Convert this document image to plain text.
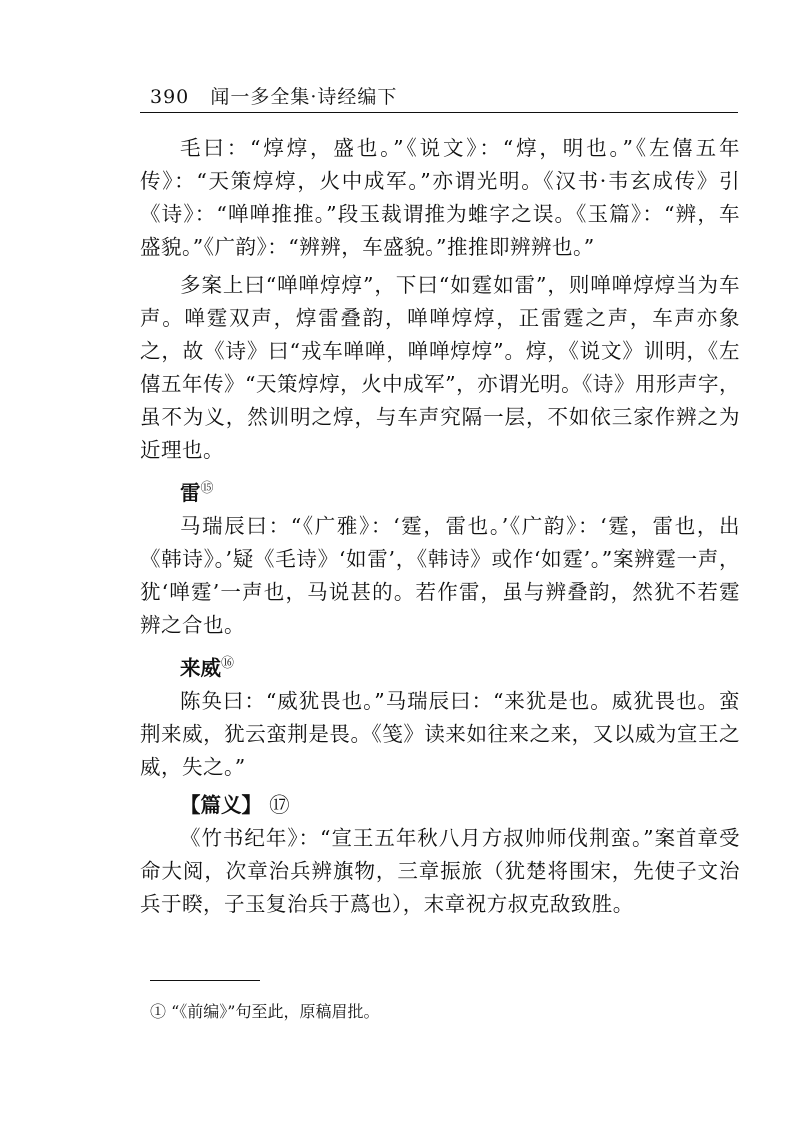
390 闻一多全集·诗经编下

毛曰：“焞焞，盛也。”《说文》：“焞，明也。”《左僖五年传》：“天策焞焞，火中成军。”亦谓光明。《汉书·韦玄成传》引《诗》：“啴啴推推。”段玉裁谓推为蜼字之误。《玉篇》：“辨，车盛貌。”《广韵》：“辨辨，车盛貌。”推推即辨辨也。”

多案上曰“啴啴焞焞”，下曰“如霆如雷”，则啴啴焞焞当为车声。啴霆双声，焞雷叠韵，啴啴焞焞，正雷霆之声，车声亦象之，故《诗》曰“戎车啴啴，啴啴焞焞”。焞，《说文》训明，《左僖五年传》“天策焞焞，火中成军”，亦谓光明。《诗》用形声字，虽不为义，然训明之焞，与车声究隔一层，不如依三家作辨之为近理也。

雷⑮

马瑞辰曰：“《广雅》：‘霆，雷也。’《广韵》：‘霆，雷也，出《韩诗》。’疑《毛诗》‘如雷’，《韩诗》或作‘如霆’。”案辨霆一声，犹‘啴霆’一声也，马说甚的。若作雷，虽与辨叠韵，然犹不若霆辨之合也。

来威⑯

陈奂曰：“威犹畏也。”马瑞辰曰：“来犹是也。威犹畏也。蛮荆来威，犹云蛮荆是畏。《笺》读来如往来之来，又以威为宣王之威，失之。”

【篇义】 ⑰

《竹书纪年》：“宣王五年秋八月方叔帅师伐荆蛮。”案首章受命大阅，次章治兵辨旗物，三章振旅（犹楚将围宋，先使子文治兵于睽，子玉复治兵于蔿也），末章祝方叔克敌致胜。

① “《前编》”句至此，原稿眉批。
